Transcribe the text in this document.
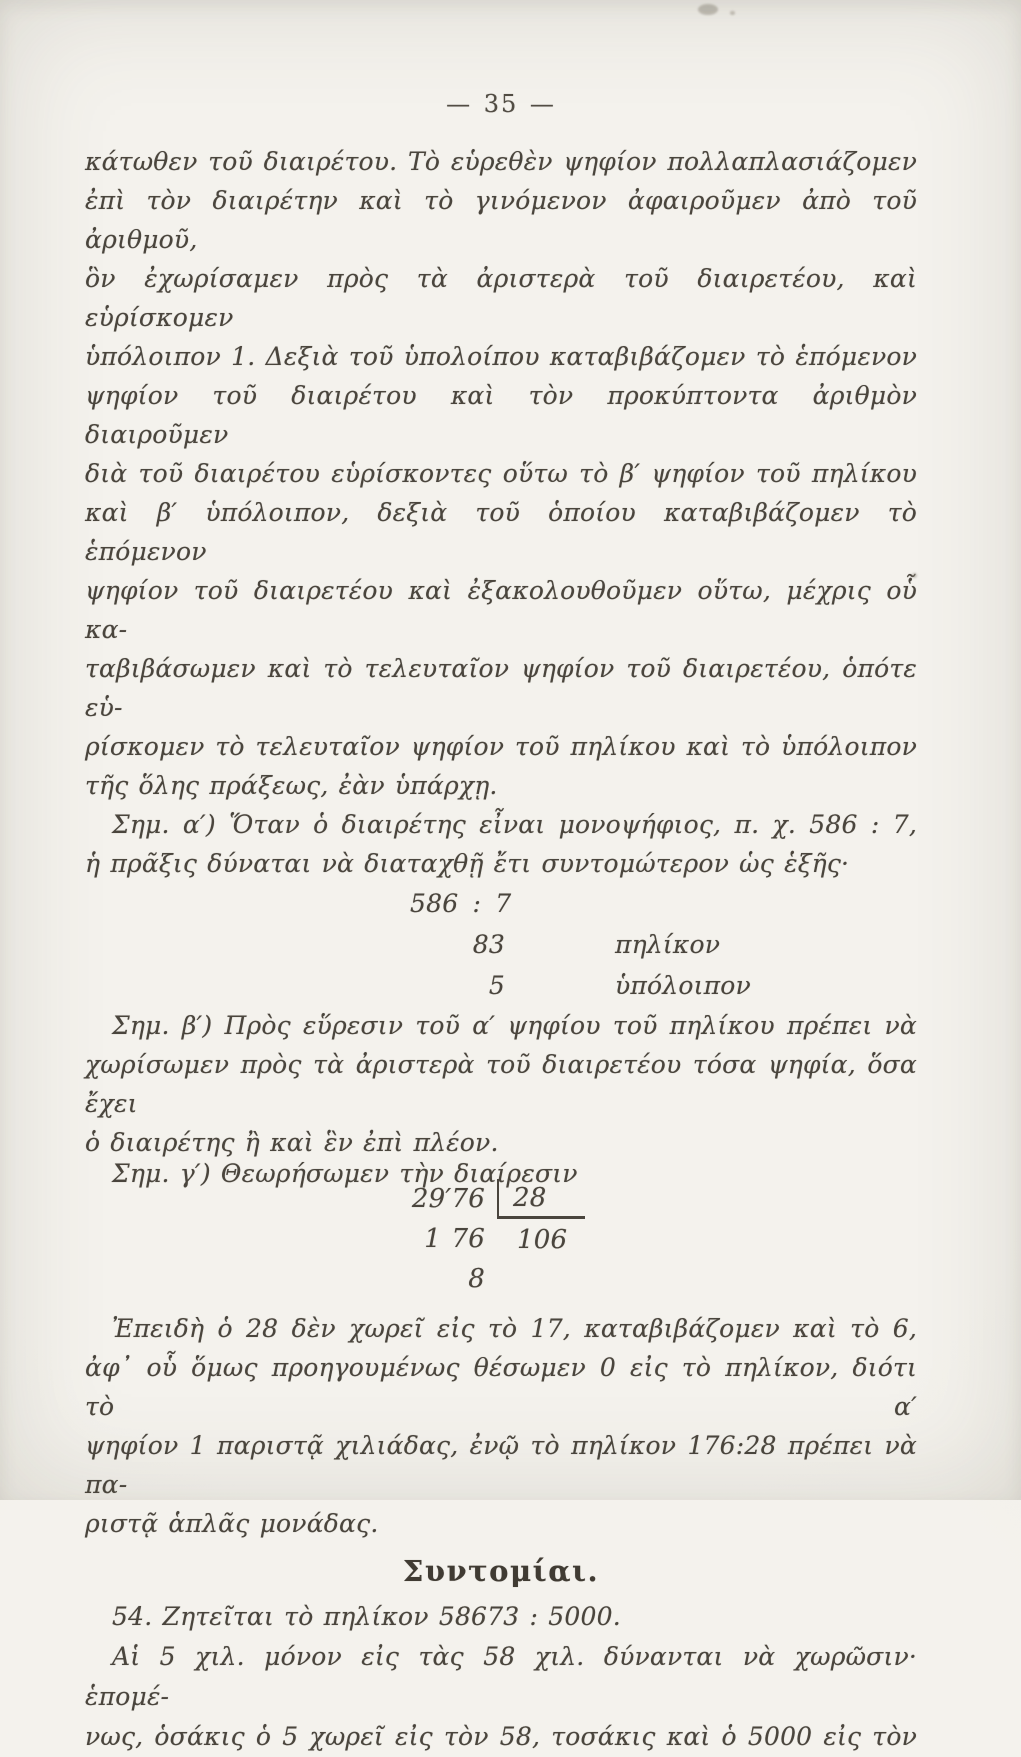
— 35 —
κάτωθεν τοῦ διαιρέτου. Τὸ εὑρεθὲν ψηφίον πολλαπλασιάζομεν
ἐπὶ τὸν διαιρέτην καὶ τὸ γινόμενον ἀφαιροῦμεν ἀπὸ τοῦ ἀριθμοῦ,
ὃν ἐχωρίσαμεν πρὸς τὰ ἀριστερὰ τοῦ διαιρετέου, καὶ εὑρίσκομεν
ὑπόλοιπον 1. Δεξιὰ τοῦ ὑπολοίπου καταβιβάζομεν τὸ ἑπόμενον
ψηφίον τοῦ διαιρέτου καὶ τὸν προκύπτοντα ἀριθμὸν διαιροῦμεν
διὰ τοῦ διαιρέτου εὑρίσκοντες οὕτω τὸ β′ ψηφίον τοῦ πηλίκου
καὶ β′ ὑπόλοιπον, δεξιὰ τοῦ ὁποίου καταβιβάζομεν τὸ ἑπόμενον
ψηφίον τοῦ διαιρετέου καὶ ἐξακολουθοῦμεν οὕτω, μέχρις οὗ κα-
ταβιβάσωμεν καὶ τὸ τελευταῖον ψηφίον τοῦ διαιρετέου, ὁπότε εὑ-
ρίσκομεν τὸ τελευταῖον ψηφίον τοῦ πηλίκου καὶ τὸ ὑπόλοιπον
τῆς ὅλης πράξεως, ἐὰν ὑπάρχῃ.
Σημ. α′) Ὅταν ὁ διαιρέτης εἶναι μονοψήφιος, π. χ. 586 : 7,
ἡ πρᾶξις δύναται νὰ διαταχθῇ ἔτι συντομώτερον ὡς ἑξῆς·
586 : 7
83	πηλίκον
5	ὑπόλοιπον
Σημ. β′) Πρὸς εὕρεσιν τοῦ α′ ψηφίου τοῦ πηλίκου πρέπει νὰ
χωρίσωμεν πρὸς τὰ ἀριστερὰ τοῦ διαιρετέου τόσα ψηφία, ὅσα ἔχει
ὁ διαιρέτης ἢ καὶ ἓν ἐπὶ πλέον.
Σημ. γ′) Θεωρήσωμεν τὴν διαίρεσιν
29′76
1 76
8
28
106
Ἐπειδὴ ὁ 28 δὲν χωρεῖ εἰς τὸ 17, καταβιβάζομεν καὶ τὸ 6,
ἀφ᾽ οὗ ὅμως προηγουμένως θέσωμεν 0 εἰς τὸ πηλίκον, διότι τὸ α′
ψηφίον 1 παριστᾷ χιλιάδας, ἐνῷ τὸ πηλίκον 176:28 πρέπει νὰ πα-
ριστᾷ ἁπλᾶς μονάδας.
Συντομίαι.
54. Ζητεῖται τὸ πηλίκον 58673 : 5000.
Αἱ 5 χιλ. μόνον εἰς τὰς 58 χιλ. δύνανται νὰ χωρῶσιν· ἑπομέ-
νως, ὁσάκις ὁ 5 χωρεῖ εἰς τὸν 58, τοσάκις καὶ ὁ 5000 εἰς τὸν
